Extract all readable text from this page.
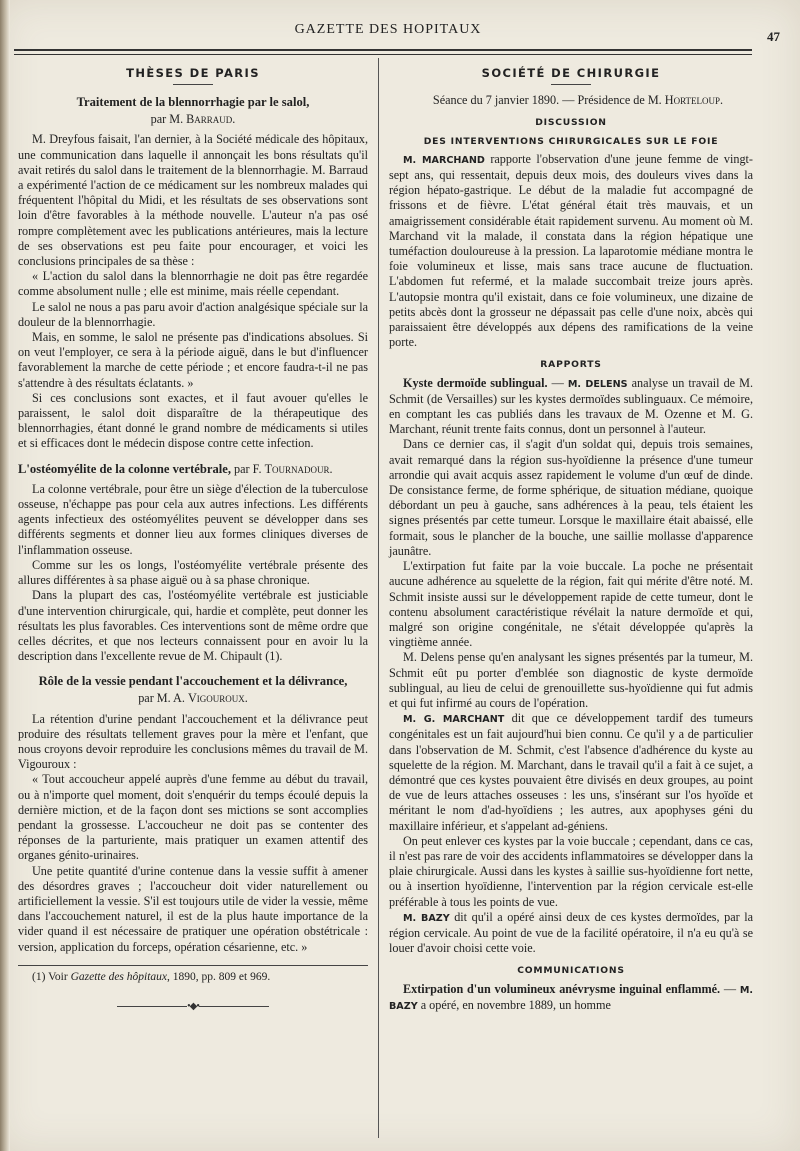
GAZETTE DES HOPITAUX	47
THÈSES DE PARIS
Traitement de la blennorrhagie par le salol,
par M. Barraud.

M. Dreyfous faisait, l'an dernier, à la Société médicale des hôpitaux, une communication dans laquelle il annonçait les bons résultats qu'il avait retirés du salol dans le traitement de la blennorrhagie. M. Barraud a expérimenté l'action de ce médicament sur les nombreux malades qui fréquentent l'hôpital du Midi, et les résultats de ses observations sont loin d'être favorables à la méthode nouvelle. L'auteur n'a pas osé rompre complètement avec les publications antérieures, mais la lecture de ses observations est peu faite pour encourager, et voici les conclusions principales de sa thèse :

« L'action du salol dans la blennorrhagie ne doit pas être regardée comme absolument nulle ; elle est minime, mais réelle cependant.

Le salol ne nous a pas paru avoir d'action analgésique spéciale sur la douleur de la blennorrhagie.

Mais, en somme, le salol ne présente pas d'indications absolues. Si on veut l'employer, ce sera à la période aiguë, dans le but d'influencer favorablement la marche de cette période ; et encore faudra-t-il ne pas s'attendre à des résultats éclatants. »

Si ces conclusions sont exactes, et il faut avouer qu'elles le paraissent, le salol doit disparaître de la thérapeutique des blennorrhagies, étant donné le grand nombre de médicaments si utiles et si efficaces dont le médecin dispose contre cette infection.

L'ostéomyélite de la colonne vertébrale, par F. Tournadour.

La colonne vertébrale, pour être un siège d'élection de la tuberculose osseuse, n'échappe pas pour cela aux autres infections. Les différents agents infectieux des ostéomyélites peuvent se développer dans ses différents segments et donner lieu aux formes cliniques diverses de l'inflammation osseuse.

Comme sur les os longs, l'ostéomyélite vertébrale présente des allures différentes à sa phase aiguë ou à sa phase chronique.

Dans la plupart des cas, l'ostéomyélite vertébrale est justiciable d'une intervention chirurgicale, qui, hardie et complète, peut donner les résultats les plus favorables. Ces interventions sont de même ordre que celles décrites, et que nos lecteurs connaissent pour en avoir lu la description dans l'excellente revue de M. Chipault (1).

Rôle de la vessie pendant l'accouchement et la délivrance,
par M. A. Vigouroux.

La rétention d'urine pendant l'accouchement et la délivrance peut produire des résultats tellement graves pour la mère et l'enfant, que nous croyons devoir reproduire les conclusions mêmes du travail de M. Vigouroux :

« Tout accoucheur appelé auprès d'une femme au début du travail, ou à n'importe quel moment, doit s'enquérir du temps écoulé depuis la dernière miction, et de la façon dont ses mictions se sont accomplies pendant la grossesse. L'accoucheur ne doit pas se contenter des réponses de la parturiente, mais pratiquer un examen attentif des organes génito-urinaires.

Une petite quantité d'urine contenue dans la vessie suffit à amener des désordres graves ; l'accoucheur doit vider naturellement ou artificiellement la vessie. S'il est toujours utile de vider la vessie, même dans l'accouchement naturel, il est de la plus haute importance de la vider quand il est nécessaire de pratiquer une opération obstétricale : version, application du forceps, opération césarienne, etc. »

(1) Voir Gazette des hôpitaux, 1890, pp. 809 et 969.

•◆•
SOCIÉTÉ DE CHIRURGIE

Séance du 7 janvier 1890. — Présidence de M. Horteloup.

DISCUSSION
DES INTERVENTIONS CHIRURGICALES SUR LE FOIE

M. MARCHAND rapporte l'observation d'une jeune femme de vingt-sept ans, qui ressentait, depuis deux mois, des douleurs vives dans la région hépato-gastrique. Le début de la maladie fut accompagné de frissons et de fièvre. L'état général était très mauvais, et un amaigrissement considérable était rapidement survenu. Au moment où M. Marchand vit la malade, il constata dans la région hépatique une tuméfaction douloureuse à la pression. La laparotomie médiane montra le foie volumineux et lisse, mais sans trace aucune de fluctuation. L'abdomen fut refermé, et la malade succombait treize jours après. L'autopsie montra qu'il existait, dans ce foie volumineux, une dizaine de petits abcès dont la grosseur ne dépassait pas celle d'une noix, abcès qui paraissaient être développés aux dépens des ramifications de la veine porte.

RAPPORTS

Kyste dermoïde sublingual. — M. DELENS analyse un travail de M. Schmit (de Versailles) sur les kystes dermoïdes sublinguaux. Ce mémoire, en comptant les cas publiés dans les travaux de M. Ozenne et M. G. Marchant, réunit trente faits connus, dont un personnel à l'auteur.

Dans ce dernier cas, il s'agit d'un soldat qui, depuis trois semaines, avait remarqué dans la région sus-hyoïdienne la présence d'une tumeur arrondie qui avait acquis assez rapidement le volume d'un œuf de dinde. De consistance ferme, de forme sphérique, de situation médiane, quoique débordant un peu à gauche, sans adhérences à la peau, tels étaient les signes présentés par cette tumeur. Lorsque le maxillaire était abaissé, elle formait, sous le plancher de la bouche, une saillie mollasse d'apparence jaunâtre.

L'extirpation fut faite par la voie buccale. La poche ne présentait aucune adhérence au squelette de la région, fait qui mérite d'être noté. M. Schmit insiste aussi sur le développement rapide de cette tumeur, dont le contenu absolument caractéristique révélait la nature dermoïde et qui, malgré son origine congénitale, ne s'était développée qu'après la vingtième année.

M. Delens pense qu'en analysant les signes présentés par la tumeur, M. Schmit eût pu porter d'emblée son diagnostic de kyste dermoïde sublingual, au lieu de celui de grenouillette sus-hyoïdienne qui fut admis et qui fut infirmé au cours de l'opération.

M. G. MARCHANT dit que ce développement tardif des tumeurs congénitales est un fait aujourd'hui bien connu. Ce qu'il y a de particulier dans l'observation de M. Schmit, c'est l'absence d'adhérence du kyste au squelette de la région. M. Marchant, dans le travail qu'il a fait à ce sujet, a démontré que ces kystes pouvaient être divisés en deux groupes, au point de vue de leurs attaches osseuses : les uns, s'insérant sur l'os hyoïde et méritant le nom d'ad-hyoïdiens ; les autres, aux apophyses géni du maxillaire inférieur, et s'appelant ad-géniens.

On peut enlever ces kystes par la voie buccale ; cependant, dans ce cas, il n'est pas rare de voir des accidents inflammatoires se développer dans la plaie chirurgicale. Aussi dans les kystes à saillie sus-hyoïdienne fort nette, ou à insertion hyoïdienne, l'intervention par la région cervicale est-elle préférable à tous les points de vue.

M. BAZY dit qu'il a opéré ainsi deux de ces kystes dermoïdes, par la région cervicale. Au point de vue de la facilité opératoire, il n'a eu qu'à se louer d'avoir choisi cette voie.

COMMUNICATIONS

Extirpation d'un volumineux anévrysme inguinal enflammé. — M. BAZY a opéré, en novembre 1889, un homme
